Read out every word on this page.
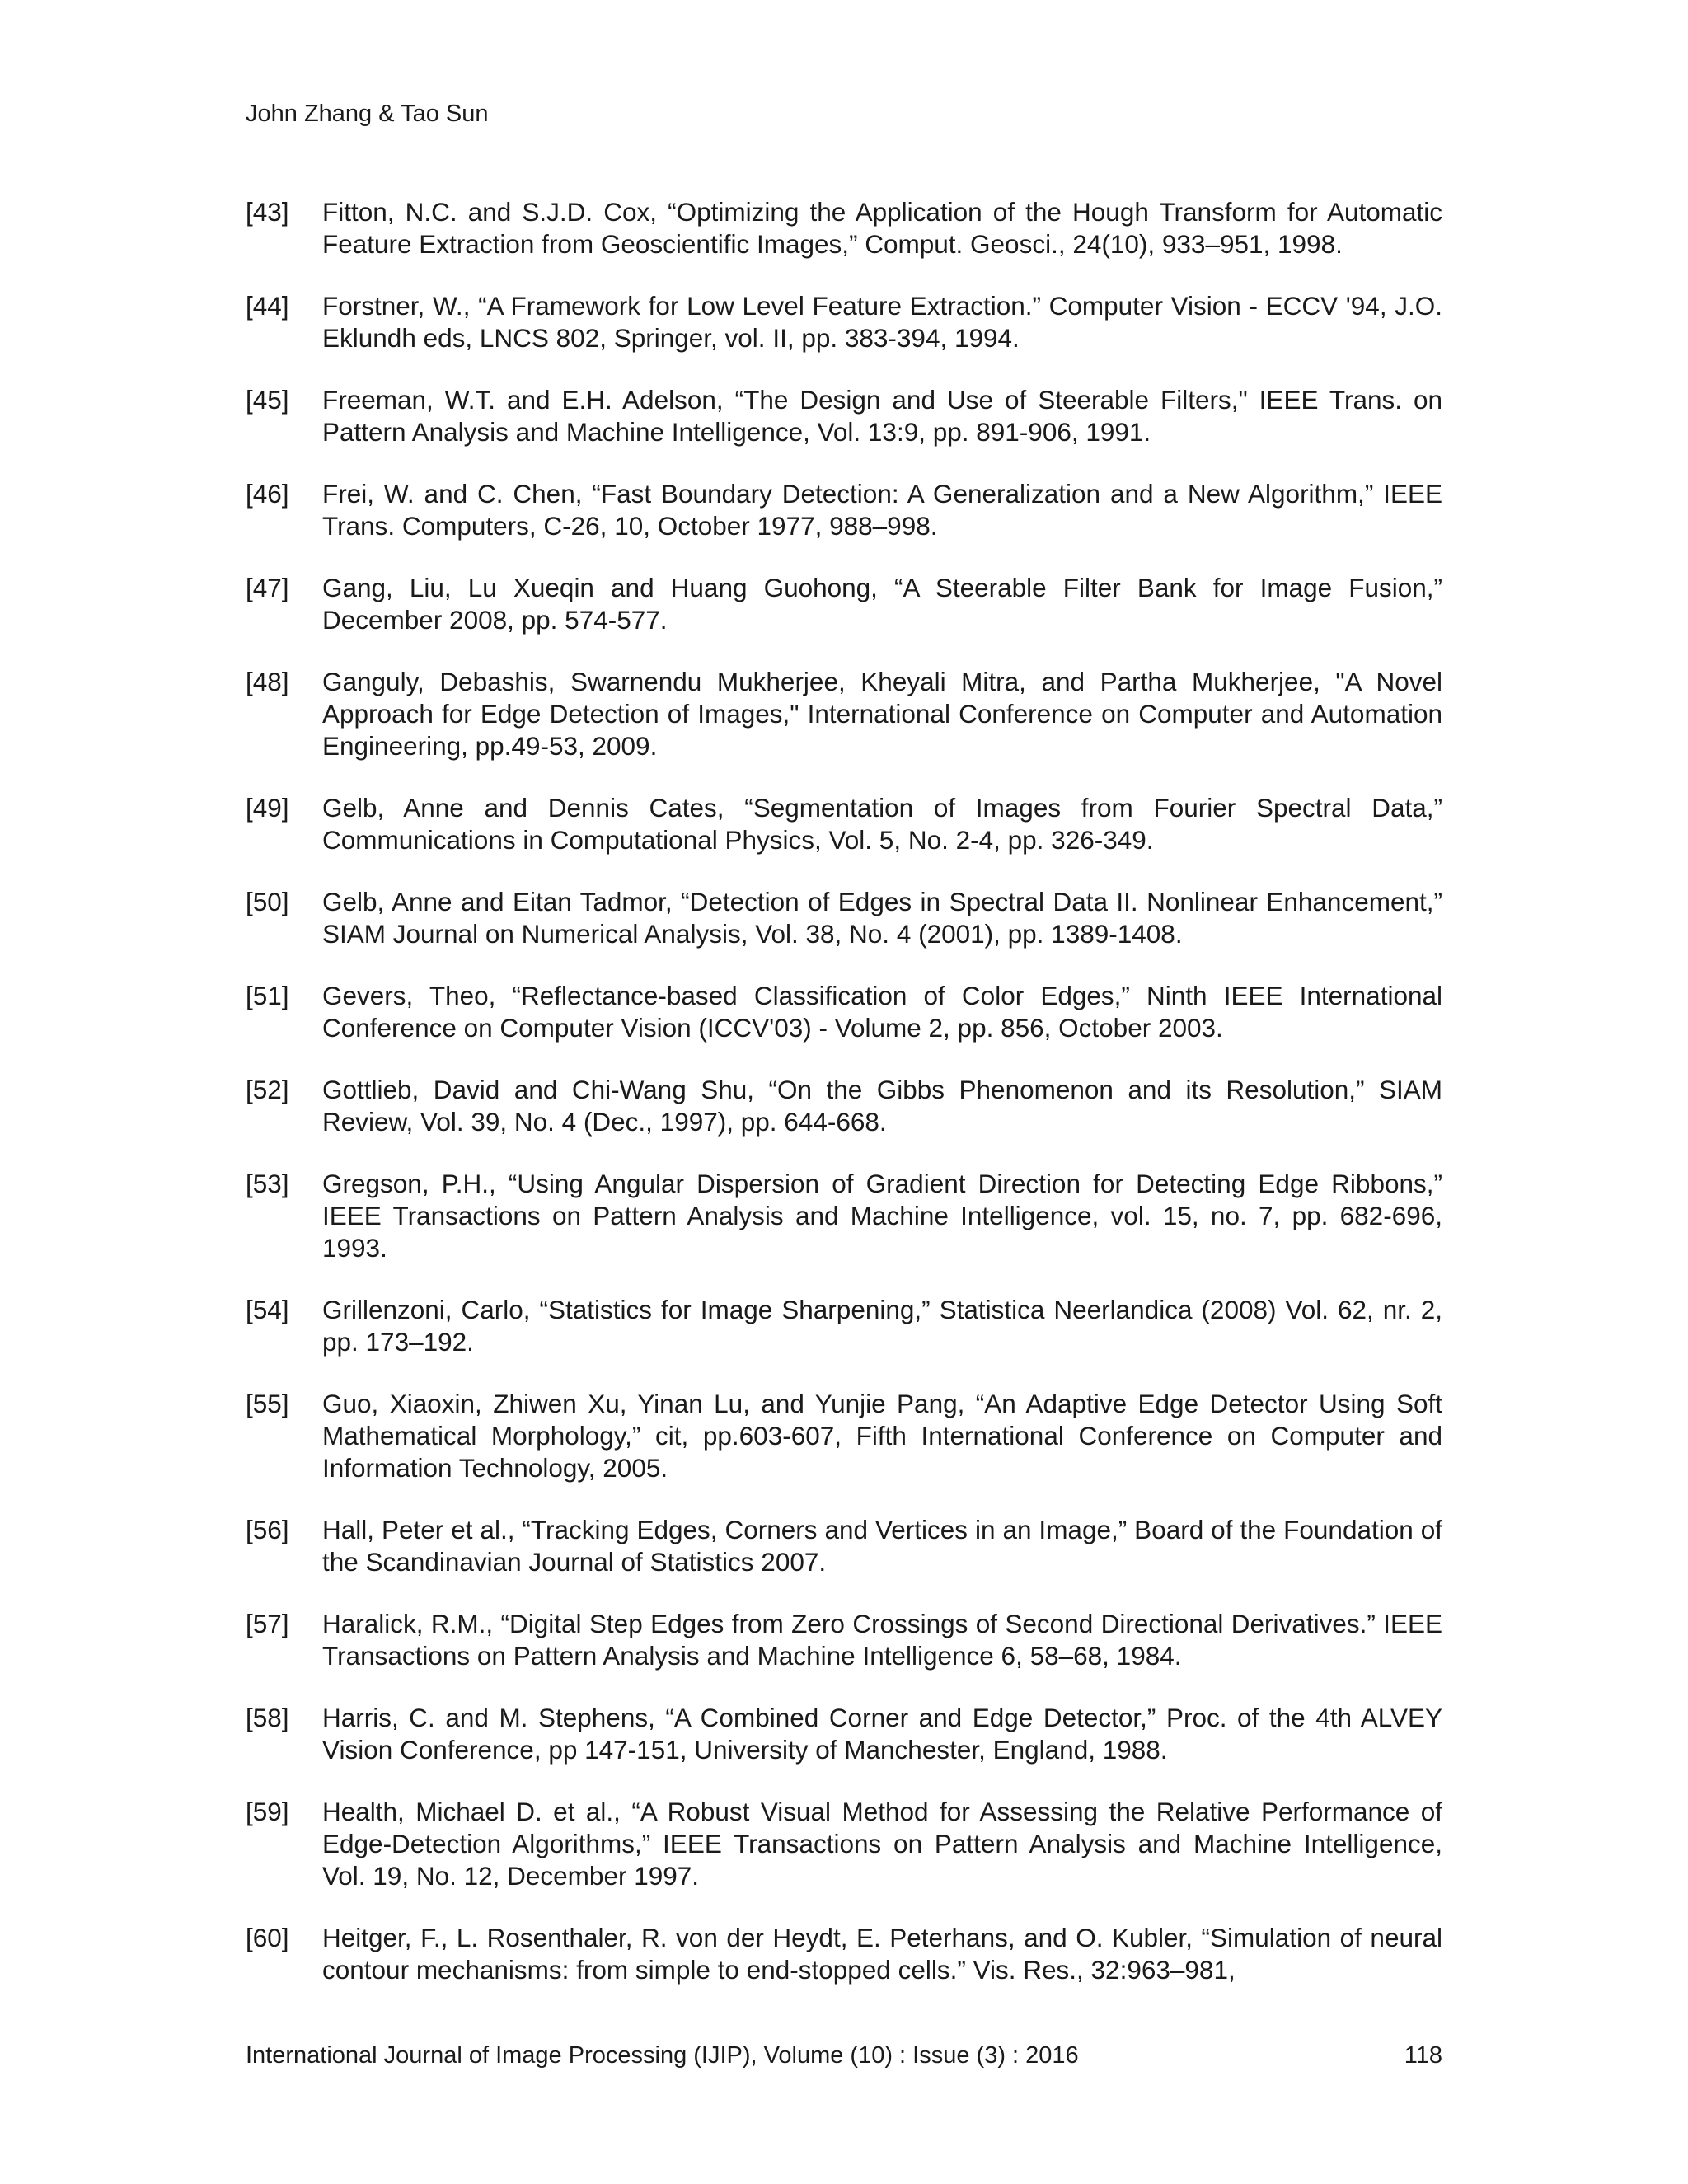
John Zhang & Tao Sun
[43]	Fitton, N.C. and S.J.D. Cox, “Optimizing the Application of the Hough Transform for Automatic Feature Extraction from Geoscientific Images,” Comput. Geosci., 24(10), 933–951, 1998.
[44]	Forstner, W., “A Framework for Low Level Feature Extraction.” Computer Vision - ECCV '94, J.O. Eklundh eds, LNCS 802, Springer, vol. II, pp. 383-394, 1994.
[45]	Freeman, W.T. and E.H. Adelson, “The Design and Use of Steerable Filters," IEEE Trans. on Pattern Analysis and Machine Intelligence, Vol. 13:9, pp. 891-906, 1991.
[46]	Frei, W. and C. Chen, “Fast Boundary Detection: A Generalization and a New Algorithm,” IEEE Trans. Computers, C-26, 10, October 1977, 988–998.
[47]	Gang, Liu, Lu Xueqin and Huang Guohong, “A Steerable Filter Bank for Image Fusion,” December 2008, pp. 574-577.
[48]	Ganguly, Debashis, Swarnendu Mukherjee, Kheyali Mitra, and Partha Mukherjee, "A Novel Approach for Edge Detection of Images," International Conference on Computer and Automation Engineering, pp.49-53, 2009.
[49]	Gelb, Anne and Dennis Cates, “Segmentation of Images from Fourier Spectral Data,” Communications in Computational Physics, Vol. 5, No. 2-4, pp. 326-349.
[50]	Gelb, Anne and Eitan Tadmor, “Detection of Edges in Spectral Data II. Nonlinear Enhancement,” SIAM Journal on Numerical Analysis, Vol. 38, No. 4 (2001), pp. 1389-1408.
[51]	Gevers, Theo, “Reflectance-based Classification of Color Edges,” Ninth IEEE International Conference on Computer Vision (ICCV'03) - Volume 2, pp. 856, October 2003.
[52]	Gottlieb, David and Chi-Wang Shu, “On the Gibbs Phenomenon and its Resolution,” SIAM Review, Vol. 39, No. 4 (Dec., 1997), pp. 644-668.
[53]	Gregson, P.H., “Using Angular Dispersion of Gradient Direction for Detecting Edge Ribbons,” IEEE Transactions on Pattern Analysis and Machine Intelligence, vol. 15, no. 7, pp. 682-696, 1993.
[54]	Grillenzoni, Carlo, “Statistics for Image Sharpening,” Statistica Neerlandica (2008) Vol. 62, nr. 2, pp. 173–192.
[55]	Guo, Xiaoxin, Zhiwen Xu, Yinan Lu, and Yunjie Pang, “An Adaptive Edge Detector Using Soft Mathematical Morphology,” cit, pp.603-607, Fifth International Conference on Computer and Information Technology, 2005.
[56]	Hall, Peter et al., “Tracking Edges, Corners and Vertices in an Image,” Board of the Foundation of the Scandinavian Journal of Statistics 2007.
[57]	Haralick, R.M., “Digital Step Edges from Zero Crossings of Second Directional Derivatives.” IEEE Transactions on Pattern Analysis and Machine Intelligence 6, 58–68, 1984.
[58]	Harris, C. and M. Stephens, “A Combined Corner and Edge Detector,” Proc. of the 4th ALVEY Vision Conference, pp 147-151, University of Manchester, England, 1988.
[59]	Health, Michael D. et al., “A Robust Visual Method for Assessing the Relative Performance of Edge-Detection Algorithms,” IEEE Transactions on Pattern Analysis and Machine Intelligence, Vol. 19, No. 12, December 1997.
[60]	Heitger, F., L. Rosenthaler, R. von der Heydt, E. Peterhans, and O. Kubler, “Simulation of neural contour mechanisms: from simple to end-stopped cells.” Vis. Res., 32:963–981,
International Journal of Image Processing (IJIP), Volume (10) : Issue (3) : 2016	118
